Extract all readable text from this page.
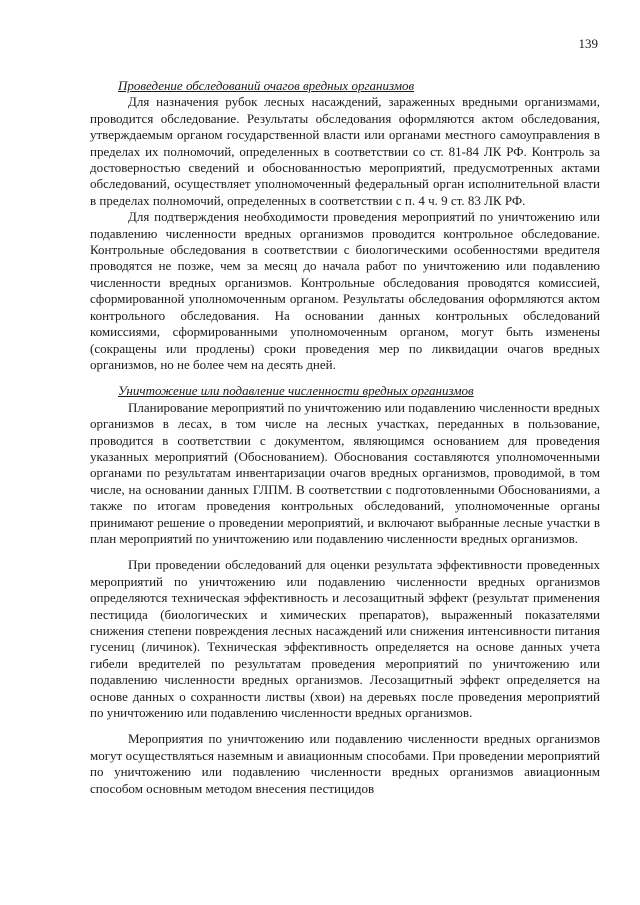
139
Проведение обследований очагов вредных организмов

Для назначения рубок лесных насаждений, зараженных вредными организмами, проводится обследование. Результаты обследования оформляются актом обследования, утверждаемым органом государственной власти или органами местного самоуправления в пределах их полномочий, определенных в соответствии со ст. 81-84 ЛК РФ. Контроль за достоверностью сведений и обоснованностью мероприятий, предусмотренных актами обследований, осуществляет уполномоченный федеральный орган исполнительной власти в пределах полномочий, определенных в соответствии с п. 4 ч. 9 ст. 83 ЛК РФ.

Для подтверждения необходимости проведения мероприятий по уничтожению или подавлению численности вредных организмов проводится контрольное обследование. Контрольные обследования в соответствии с биологическими особенностями вредителя проводятся не позже, чем за месяц до начала работ по уничтожению или подавлению численности вредных организмов. Контрольные обследования проводятся комиссией, сформированной уполномоченным органом. Результаты обследования оформляются актом контрольного обследования. На основании данных контрольных обследований комиссиями, сформированными уполномоченным органом, могут быть изменены (сокращены или продлены) сроки проведения мер по ликвидации очагов вредных организмов, но не более чем на десять дней.

Уничтожение или подавление численности вредных организмов

Планирование мероприятий по уничтожению или подавлению численности вредных организмов в лесах, в том числе на лесных участках, переданных в пользование, проводится в соответствии с документом, являющимся основанием для проведения указанных мероприятий (Обоснованием). Обоснования составляются уполномоченными органами по результатам инвентаризации очагов вредных организмов, проводимой, в том числе, на основании данных ГЛПМ. В соответствии с подготовленными Обоснованиями, а также по итогам проведения контрольных обследований, уполномоченные органы принимают решение о проведении мероприятий, и включают выбранные лесные участки в план мероприятий по уничтожению или подавлению численности вредных организмов.

При проведении обследований для оценки результата эффективности проведенных мероприятий по уничтожению или подавлению численности вредных организмов определяются техническая эффективность и лесозащитный эффект (результат применения пестицида (биологических и химических препаратов), выраженный показателями снижения степени повреждения лесных насаждений или снижения интенсивности питания гусениц (личинок). Техническая эффективность определяется на основе данных учета гибели вредителей по результатам проведения мероприятий по уничтожению или подавлению численности вредных организмов. Лесозащитный эффект определяется на основе данных о сохранности листвы (хвои) на деревьях после проведения мероприятий по уничтожению или подавлению численности вредных организмов.

Мероприятия по уничтожению или подавлению численности вредных организмов могут осуществляться наземным и авиационным способами. При проведении мероприятий по уничтожению или подавлению численности вредных организмов авиационным способом основным методом внесения пестицидов
